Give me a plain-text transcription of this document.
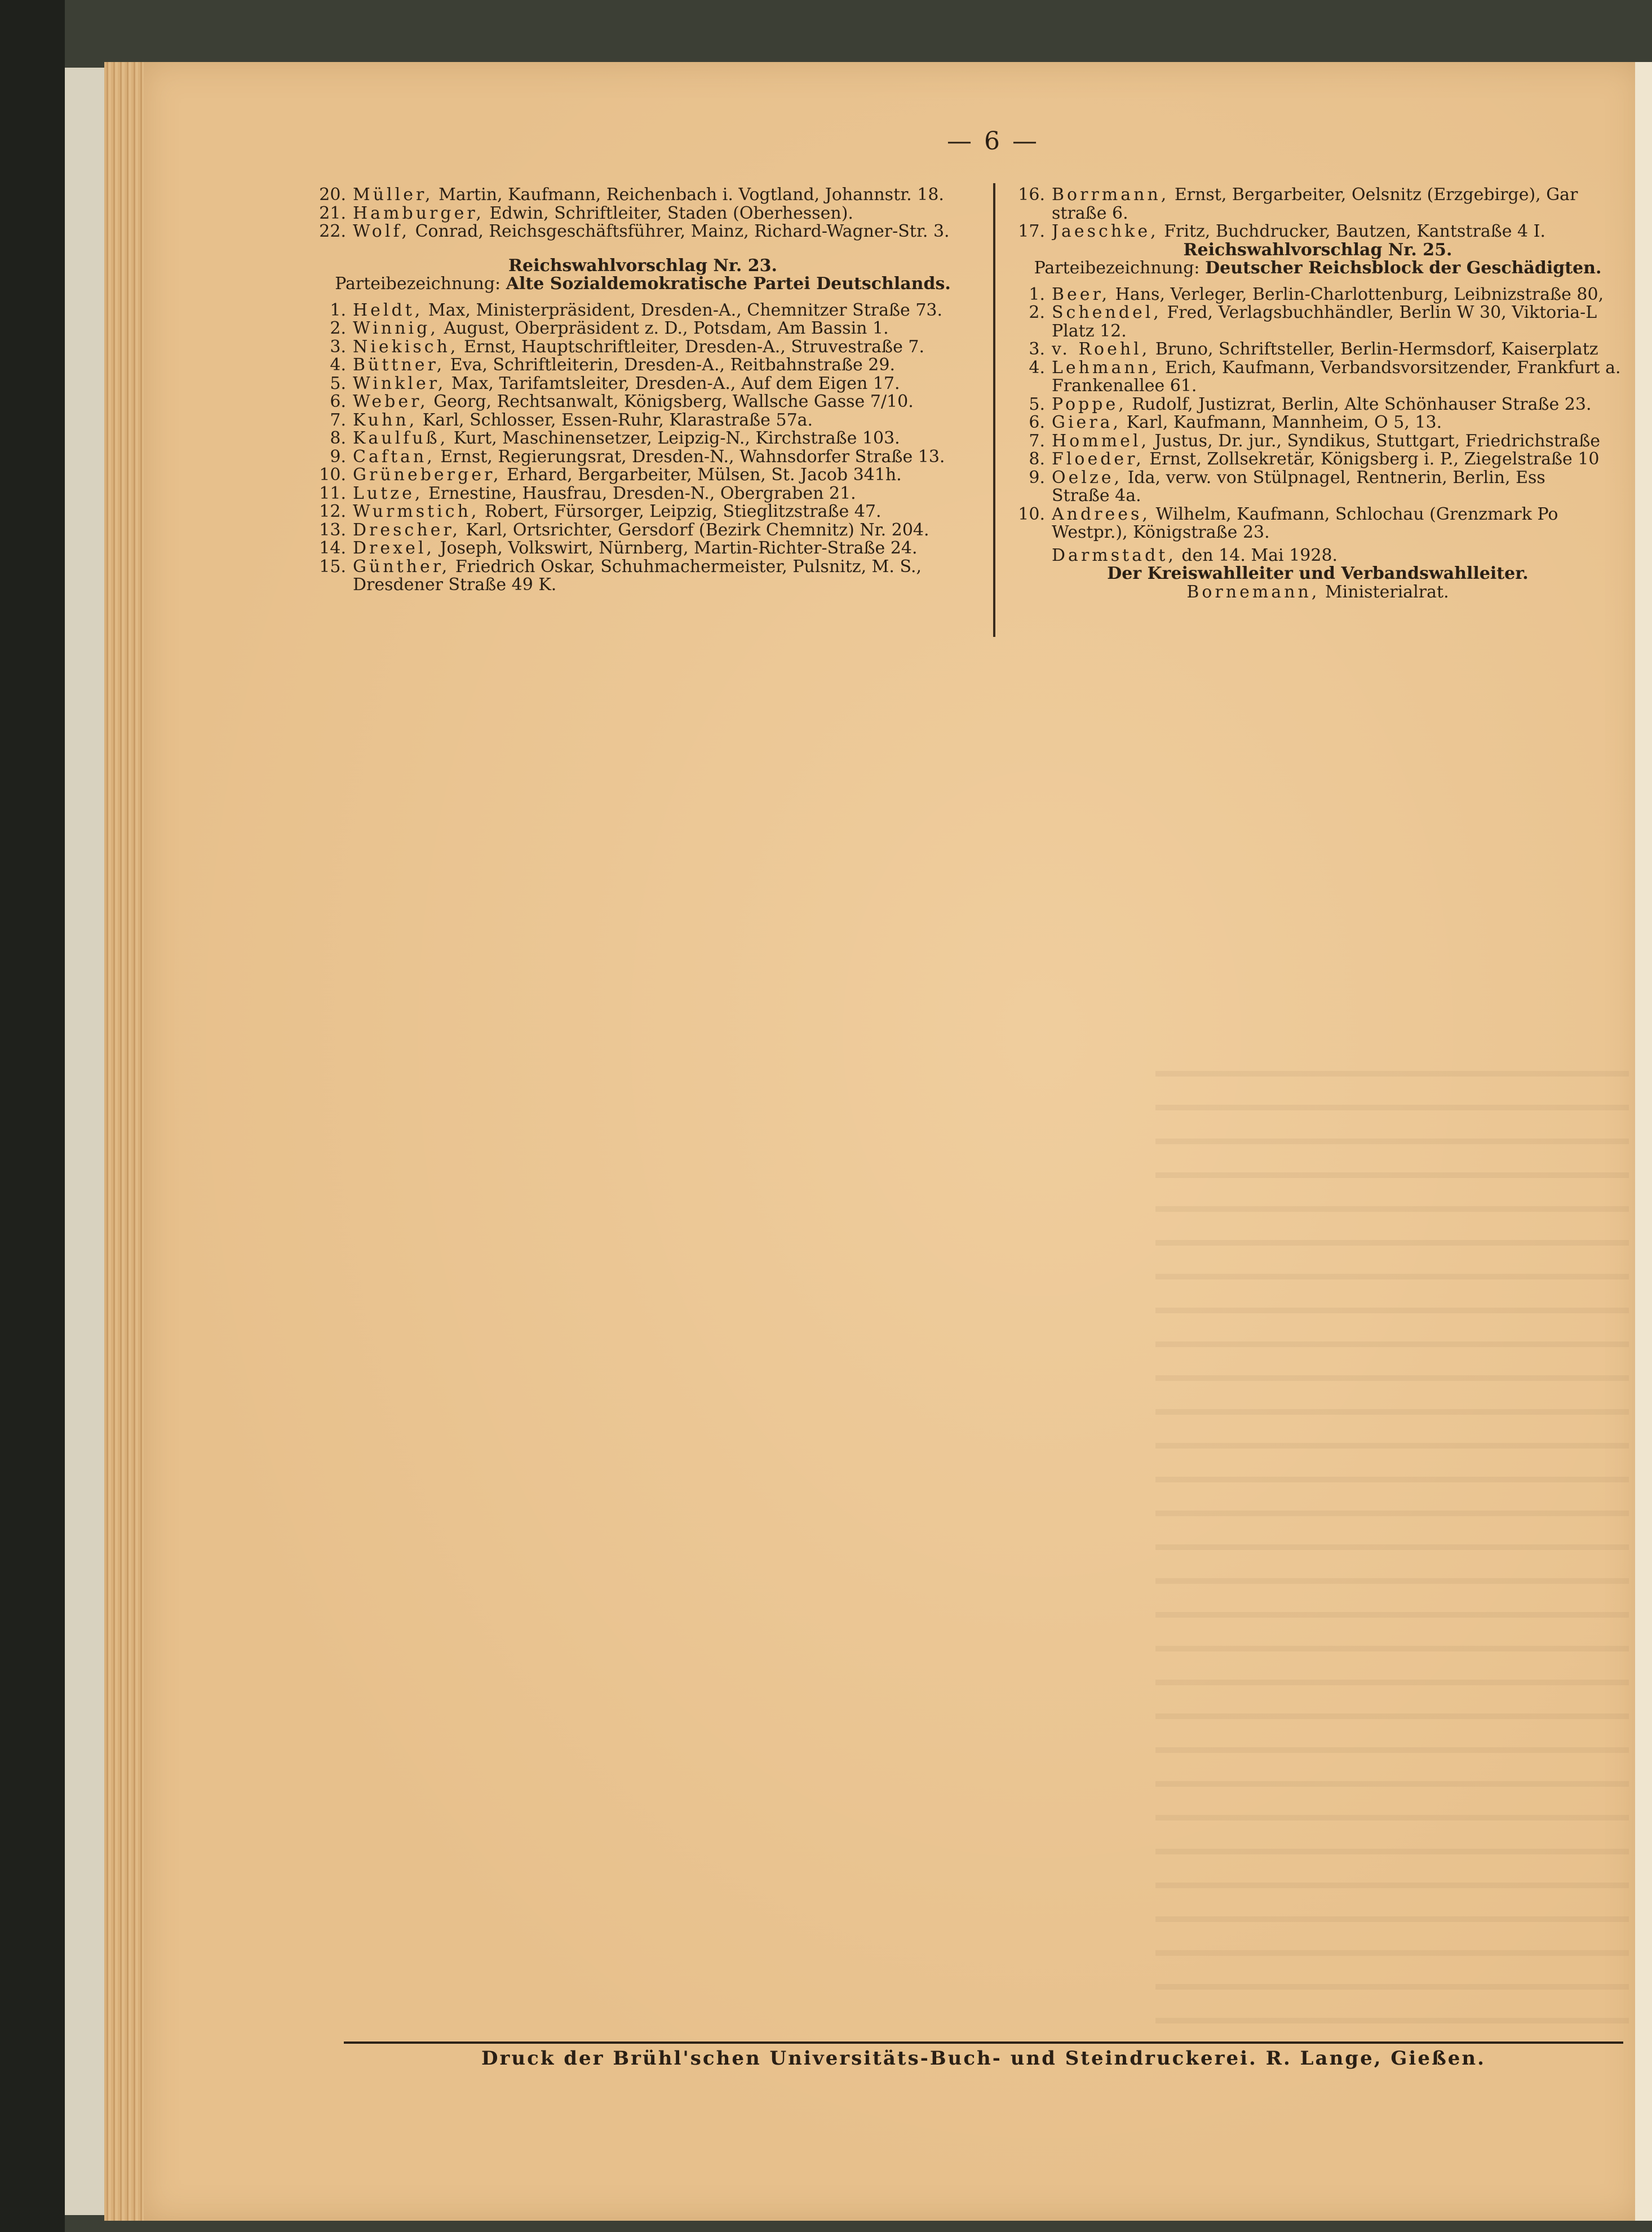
— 6 —
20. Müller, Martin, Kaufmann, Reichenbach i. Vogtland, Johannstr. 18.
21. Hamburger, Edwin, Schriftleiter, Staden (Oberhessen).
22. Wolf, Conrad, Reichsgeschäftsführer, Mainz, Richard-Wagner-Str. 3.
Reichswahlvorschlag Nr. 23.
Parteibezeichnung: Alte Sozialdemokratische Partei Deutschlands.
1. Heldt, Max, Ministerpräsident, Dresden-A., Chemnitzer Straße 73.
2. Winnig, August, Oberpräsident z. D., Potsdam, Am Bassin 1.
3. Niekisch, Ernst, Hauptschriftleiter, Dresden-A., Struvestraße 7.
4. Büttner, Eva, Schriftleiterin, Dresden-A., Reitbahnstraße 29.
5. Winkler, Max, Tarifamtsleiter, Dresden-A., Auf dem Eigen 17.
6. Weber, Georg, Rechtsanwalt, Königsberg, Wallsche Gasse 7/10.
7. Kuhn, Karl, Schlosser, Essen-Ruhr, Klarastraße 57a.
8. Kaulfuß, Kurt, Maschinensetzer, Leipzig-N., Kirchstraße 103.
9. Caftan, Ernst, Regierungsrat, Dresden-N., Wahnsdorfer Straße 13.
10. Grüneberger, Erhard, Bergarbeiter, Mülsen, St. Jacob 341h.
11. Lutze, Ernestine, Hausfrau, Dresden-N., Obergraben 21.
12. Wurmstich, Robert, Fürsorger, Leipzig, Stieglitzstraße 47.
13. Drescher, Karl, Ortsrichter, Gersdorf (Bezirk Chemnitz) Nr. 204.
14. Drexel, Joseph, Volkswirt, Nürnberg, Martin-Richter-Straße 24.
15. Günther, Friedrich Oskar, Schuhmachermeister, Pulsnitz, M. S.,
Dresdener Straße 49 K.
16. Borrmann, Ernst, Bergarbeiter, Oelsnitz (Erzgebirge), Gar
straße 6.
17. Jaeschke, Fritz, Buchdrucker, Bautzen, Kantstraße 4 I.
Reichswahlvorschlag Nr. 25.
Parteibezeichnung: Deutscher Reichsblock der Geschädigten.
1. Beer, Hans, Verleger, Berlin-Charlottenburg, Leibnizstraße 80,
2. Schendel, Fred, Verlagsbuchhändler, Berlin W 30, Viktoria-L
Platz 12.
3. v. Roehl, Bruno, Schriftsteller, Berlin-Hermsdorf, Kaiserplatz
4. Lehmann, Erich, Kaufmann, Verbandsvorsitzender, Frankfurt a.
Frankenallee 61.
5. Poppe, Rudolf, Justizrat, Berlin, Alte Schönhauser Straße 23.
6. Giera, Karl, Kaufmann, Mannheim, O 5, 13.
7. Hommel, Justus, Dr. jur., Syndikus, Stuttgart, Friedrichstraße
8. Floeder, Ernst, Zollsekretär, Königsberg i. P., Ziegelstraße 10
9. Oelze, Ida, verw. von Stülpnagel, Rentnerin, Berlin, Ess
Straße 4a.
10. Andrees, Wilhelm, Kaufmann, Schlochau (Grenzmark Po
Westpr.), Königstraße 23.
Darmstadt, den 14. Mai 1928.
Der Kreiswahlleiter und Verbandswahlleiter.
Bornemann, Ministerialrat.
Druck der Brühl'schen Universitäts-Buch- und Steindruckerei. R. Lange, Gießen.
